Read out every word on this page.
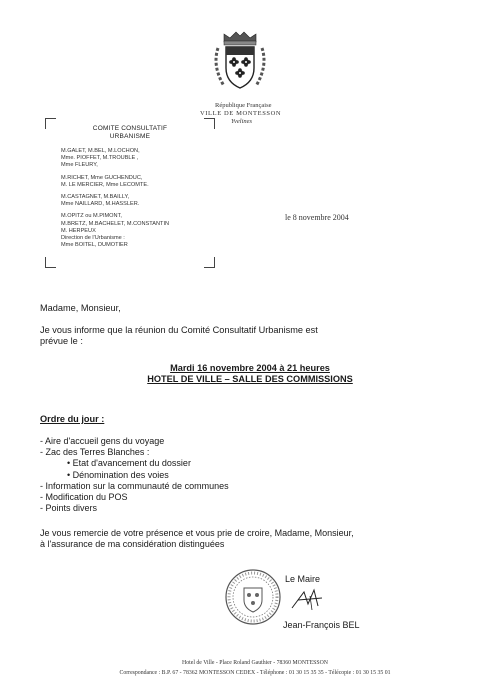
République Française
VILLE DE MONTESSON
Yvelines
COMITE CONSULTATIF
URBANISME
M.GALET, M.BEL, M.LOCHON,
Mme. PIOFFET, M.TROUBLE ,
Mme FLEURY,
M.RICHET, Mme GUCHENDUC,
M. LE MERCIER, Mme LECOMTE.
M.CASTAGNET, M.BAILLY,
Mme NAILLARD, M.HASSLER.
M.OPITZ ou M.PIMONT,
M.BRETZ, M.BACHELET, M.CONSTANTIN
M. HERPEUX
Direction de l'Urbanisme :
Mme BOITEL, DUMOTIER
le 8 novembre 2004
Madame, Monsieur,
Je vous informe que la réunion du Comité Consultatif Urbanisme est
prévue le :
Mardi 16 novembre 2004 à 21 heures
HOTEL DE VILLE – SALLE DES COMMISSIONS
Ordre du jour :
- Aire d'accueil gens du voyage
- Zac des Terres Blanches :
• Etat d'avancement du dossier
• Dénomination des voies
- Information sur la communauté de communes
- Modification du POS
- Points divers
Je vous remercie de votre présence et vous prie de croire, Madame, Monsieur,
à l'assurance de ma considération distinguées
Le Maire
Jean-François BEL
Hotel de Ville - Place Roland Gauthier - 78360 MONTESSON
Correspondance : B.P. 67 - 78362 MONTESSON CEDEX - Téléphone : 01 30 15 35 35 - Télécopie : 01 30 15 35 01
